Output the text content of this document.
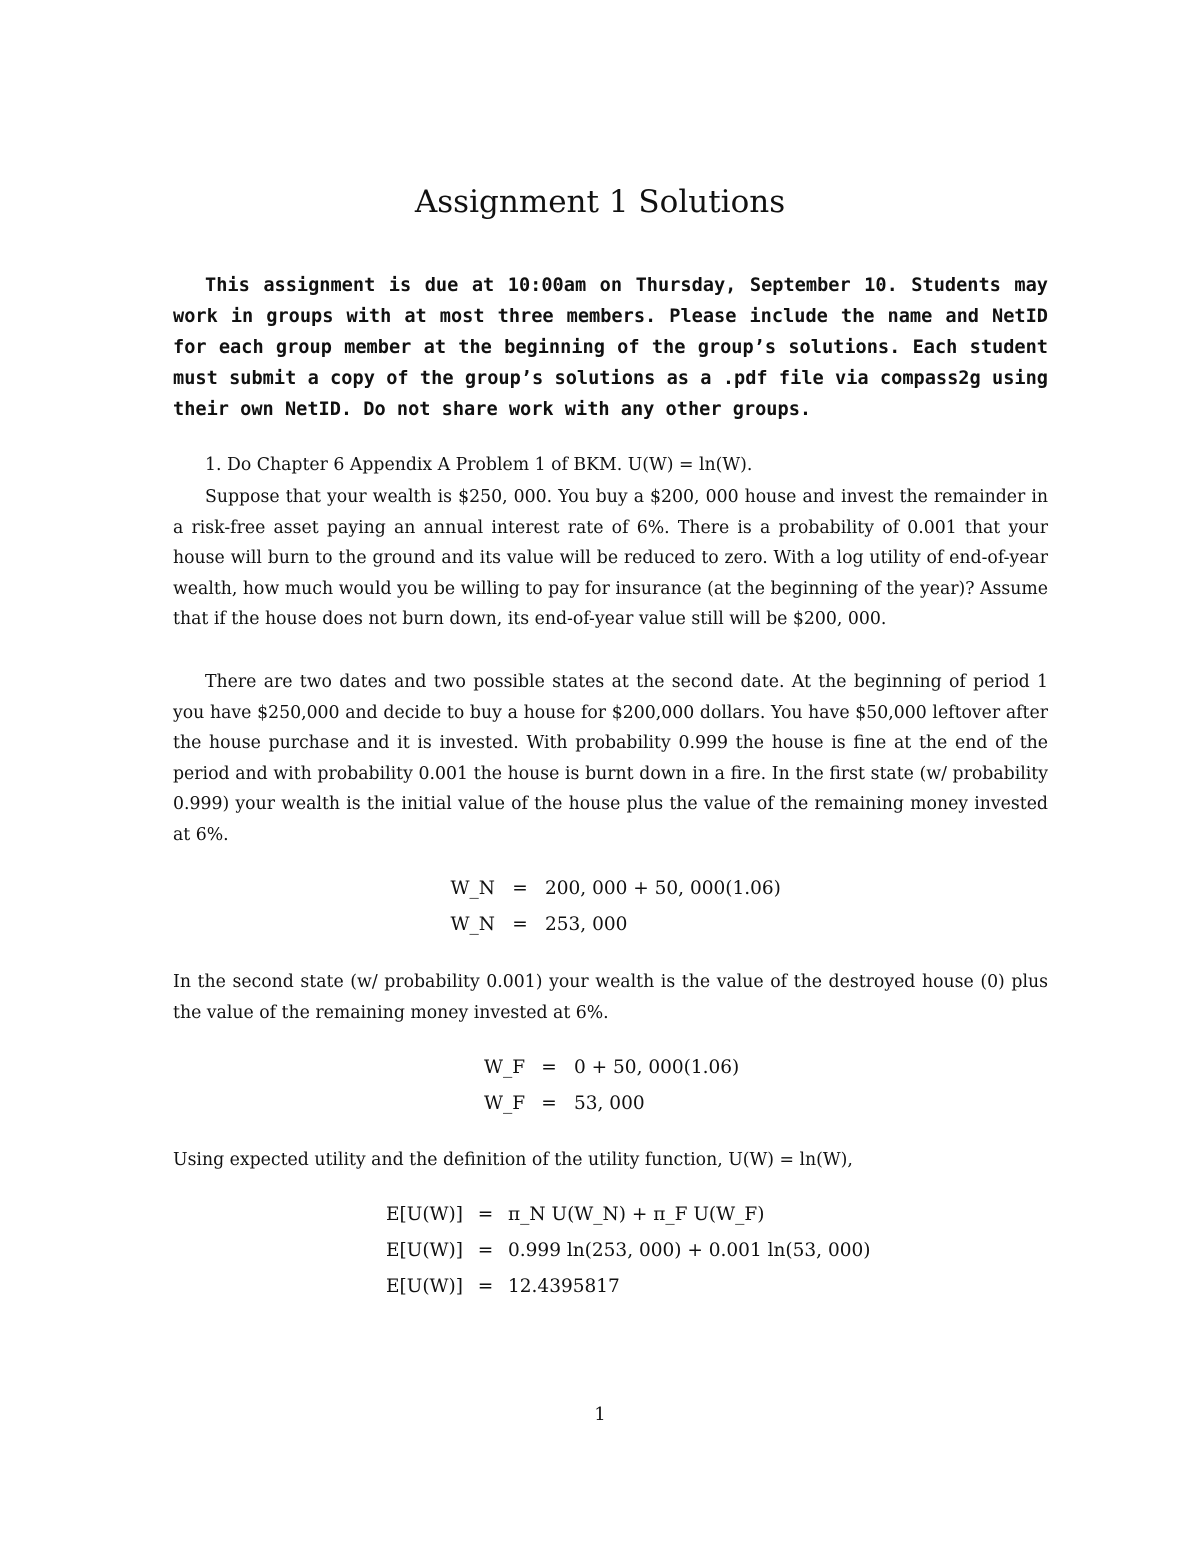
Assignment 1 Solutions
This assignment is due at 10:00am on Thursday, September 10. Students may work in groups with at most three members. Please include the name and NetID for each group member at the beginning of the group’s solutions. Each student must submit a copy of the group’s solutions as a .pdf file via compass2g using their own NetID. Do not share work with any other groups.
1. Do Chapter 6 Appendix A Problem 1 of BKM. U(W) = ln(W).
Suppose that your wealth is $250, 000. You buy a $200, 000 house and invest the remainder in a risk-free asset paying an annual interest rate of 6%. There is a probability of 0.001 that your house will burn to the ground and its value will be reduced to zero. With a log utility of end-of-year wealth, how much would you be willing to pay for insurance (at the beginning of the year)? Assume that if the house does not burn down, its end-of-year value still will be $200, 000.
There are two dates and two possible states at the second date. At the beginning of period 1 you have $250,000 and decide to buy a house for $200,000 dollars. You have $50,000 leftover after the house purchase and it is invested. With probability 0.999 the house is fine at the end of the period and with probability 0.001 the house is burnt down in a fire. In the first state (w/ probability 0.999) your wealth is the initial value of the house plus the value of the remaining money invested at 6%.
W_N = 200, 000 + 50, 000(1.06)
W_N = 253, 000
In the second state (w/ probability 0.001) your wealth is the value of the destroyed house (0) plus the value of the remaining money invested at 6%.
W_F = 0 + 50, 000(1.06)
W_F = 53, 000
Using expected utility and the definition of the utility function, U(W) = ln(W),
E[U(W)] = π_N U(W_N) + π_F U(W_F)
E[U(W)] = 0.999 ln(253, 000) + 0.001 ln(53, 000)
E[U(W)] = 12.4395817
1
